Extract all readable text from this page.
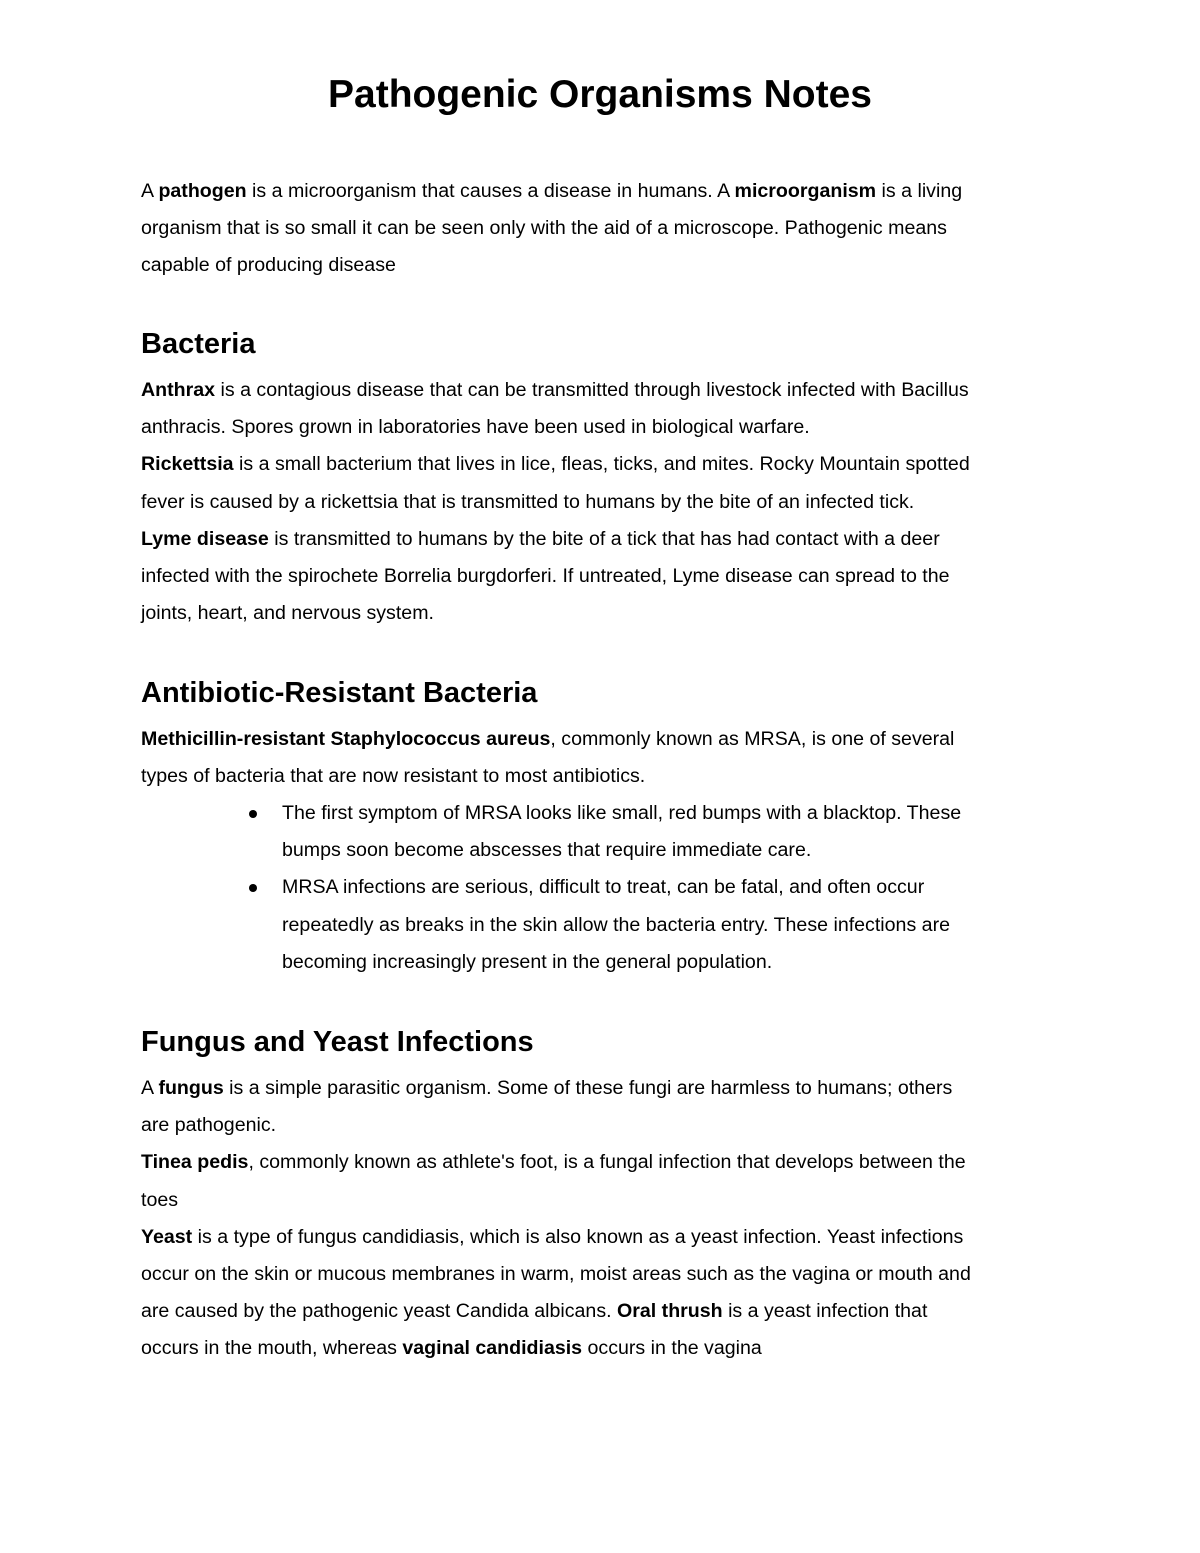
Pathogenic Organisms Notes

A pathogen is a microorganism that causes a disease in humans. A microorganism is a living

organism that is so small it can be seen only with the aid of a microscope. Pathogenic means

capable of producing disease

Bacteria

Anthrax is a contagious disease that can be transmitted through livestock infected with Bacillus

anthracis. Spores grown in laboratories have been used in biological warfare.

Rickettsia is a small bacterium that lives in lice, fleas, ticks, and mites. Rocky Mountain spotted

fever is caused by a rickettsia that is transmitted to humans by the bite of an infected tick.

Lyme disease is transmitted to humans by the bite of a tick that has had contact with a deer

infected with the spirochete Borrelia burgdorferi. If untreated, Lyme disease can spread to the

joints, heart, and nervous system.

Antibiotic-Resistant Bacteria

Methicillin-resistant Staphylococcus aureus, commonly known as MRSA, is one of several

types of bacteria that are now resistant to most antibiotics.

The first symptom of MRSA looks like small, red bumps with a blacktop. These
bumps soon become abscesses that require immediate care.
MRSA infections are serious, difficult to treat, can be fatal, and often occur
repeatedly as breaks in the skin allow the bacteria entry. These infections are
becoming increasingly present in the general population.
Fungus and Yeast Infections

A fungus is a simple parasitic organism. Some of these fungi are harmless to humans; others

are pathogenic.

Tinea pedis, commonly known as athlete's foot, is a fungal infection that develops between the

toes

Yeast is a type of fungus candidiasis, which is also known as a yeast infection. Yeast infections

occur on the skin or mucous membranes in warm, moist areas such as the vagina or mouth and

are caused by the pathogenic yeast Candida albicans. Oral thrush is a yeast infection that

occurs in the mouth, whereas vaginal candidiasis occurs in the vagina
